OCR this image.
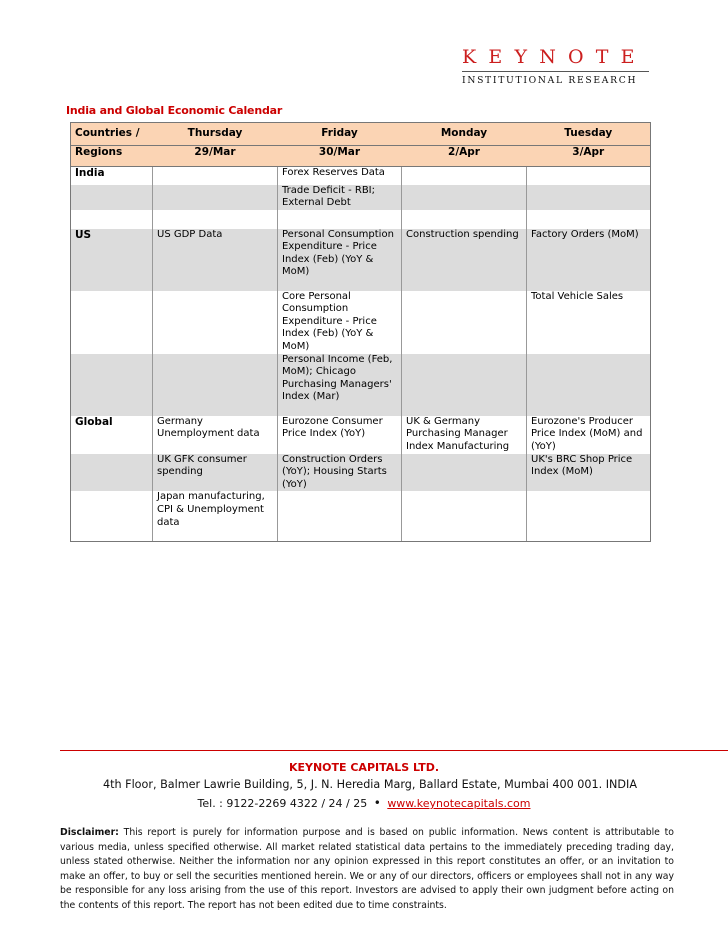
KEYNOTE
INSTITUTIONAL RESEARCH
India and Global Economic Calendar
Countries /	Thursday	Friday	Monday	Tuesday
Regions	29/Mar	30/Mar	2/Apr	3/Apr
India		Forex Reserves Data		
		Trade Deficit - RBI; External Debt		

US	US GDP Data	Personal Consumption Expenditure - Price Index (Feb) (YoY & MoM)	Construction spending	Factory Orders (MoM)
		Core Personal Consumption Expenditure - Price Index (Feb) (YoY & MoM)		Total Vehicle Sales
		Personal Income (Feb, MoM); Chicago Purchasing Managers' Index (Mar)		
Global	Germany Unemployment data	Eurozone Consumer Price Index (YoY)	UK & Germany Purchasing Manager Index Manufacturing	Eurozone's Producer Price Index (MoM) and (YoY)
	UK GFK consumer spending	Construction Orders (YoY); Housing Starts (YoY)		UK's BRC Shop Price Index (MoM)
	Japan manufacturing, CPI & Unemployment data			
KEYNOTE CAPITALS LTD.
4th Floor, Balmer Lawrie Building, 5, J. N. Heredia Marg, Ballard Estate, Mumbai 400 001. INDIA
Tel. : 9122-2269 4322 / 24 / 25 • www.keynotecapitals.com
Disclaimer: This report is purely for information purpose and is based on public information. News content is attributable to various media, unless specified otherwise. All market related statistical data pertains to the immediately preceding trading day, unless stated otherwise. Neither the information nor any opinion expressed in this report constitutes an offer, or an invitation to make an offer, to buy or sell the securities mentioned herein. We or any of our directors, officers or employees shall not in any way be responsible for any loss arising from the use of this report. Investors are advised to apply their own judgment before acting on the contents of this report. The report has not been edited due to time constraints.
